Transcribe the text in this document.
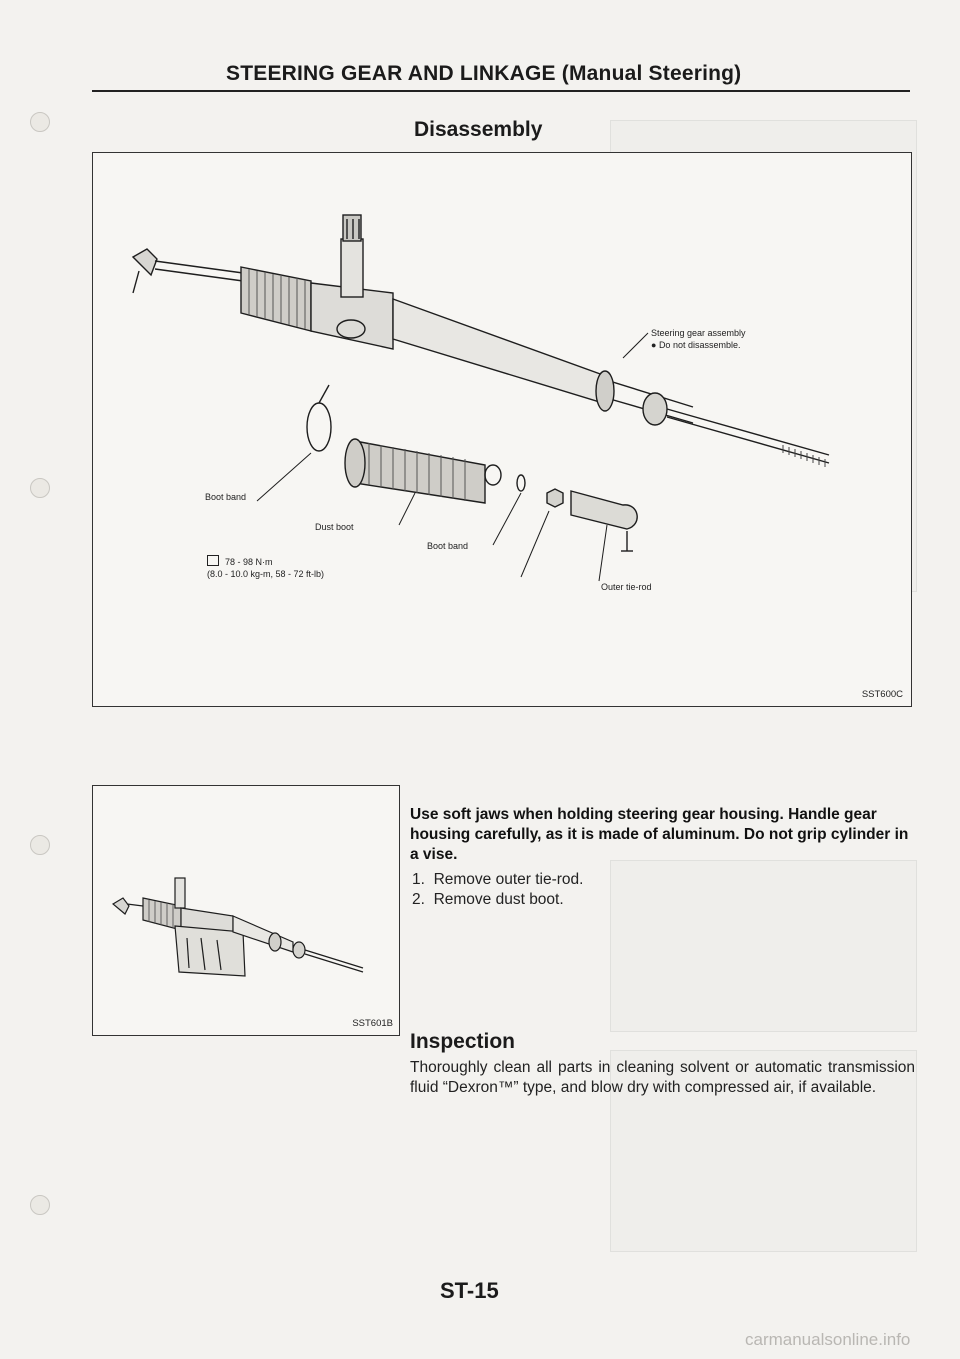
STEERING GEAR AND LINKAGE (Manual Steering)
Disassembly
Steering gear assembly
● Do not disassemble.
Boot band
Dust boot
Boot band
78 - 98 N·m
(8.0 - 10.0 kg-m, 58 - 72 ft-lb)
Outer tie-rod
SST600C
SST601B
Use soft jaws when holding steering gear housing. Handle gear housing carefully, as it is made of aluminum. Do not grip cylinder in a vise.
1. Remove outer tie-rod.
2. Remove dust boot.
Inspection
Thoroughly clean all parts in cleaning solvent or automatic transmission fluid “Dexron™” type, and blow dry with compressed air, if available.
ST-15
carmanualsonline.info
